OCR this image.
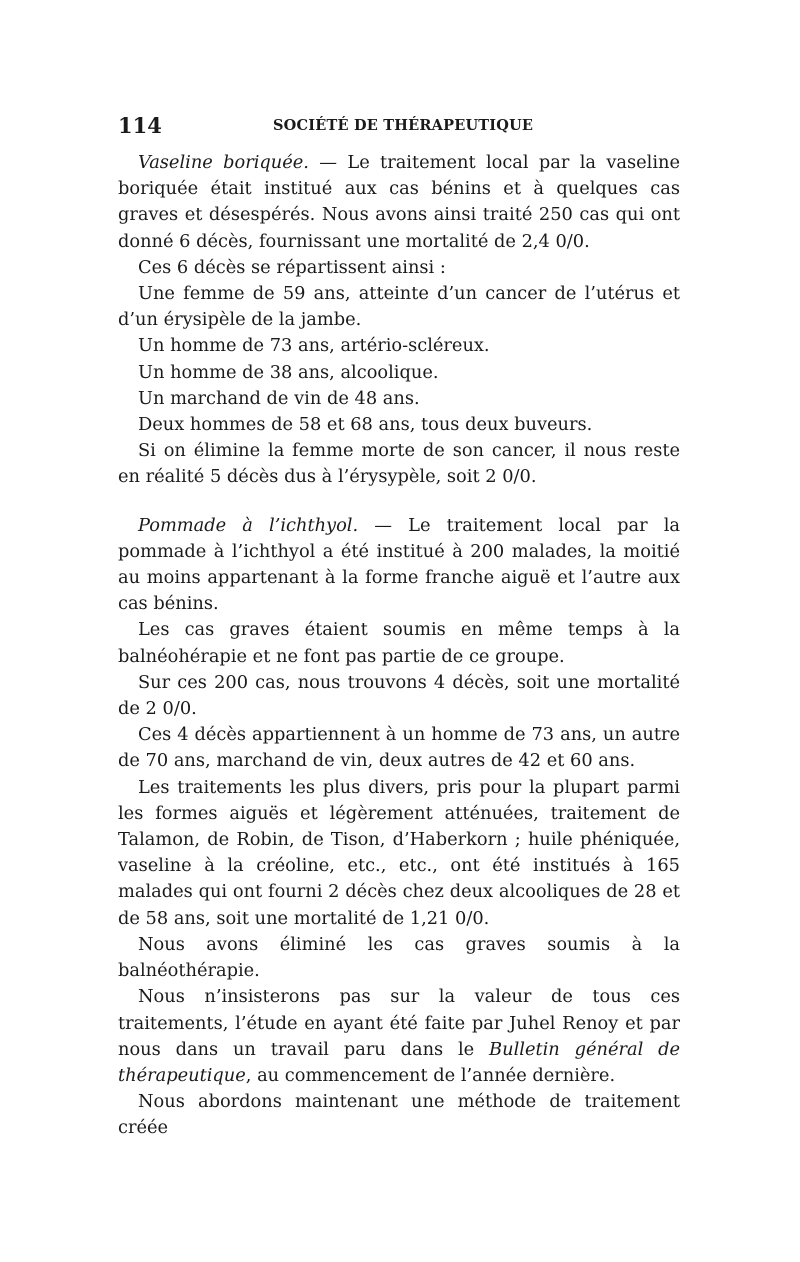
114	SOCIÉTÉ DE THÉRAPEUTIQUE

Vaseline boriquée. — Le traitement local par la vaseline boriquée était institué aux cas bénins et à quelques cas graves et désespérés. Nous avons ainsi traité 250 cas qui ont donné 6 décès, fournissant une mortalité de 2,4 0/0.

Ces 6 décès se répartissent ainsi :

Une femme de 59 ans, atteinte d’un cancer de l’utérus et d’un érysipèle de la jambe.

Un homme de 73 ans, artério-scléreux.

Un homme de 38 ans, alcoolique.

Un marchand de vin de 48 ans.

Deux hommes de 58 et 68 ans, tous deux buveurs.

Si on élimine la femme morte de son cancer, il nous reste en réalité 5 décès dus à l’érysypèle, soit 2 0/0.

Pommade à l’ichthyol. — Le traitement local par la pommade à l’ichthyol a été institué à 200 malades, la moitié au moins appartenant à la forme franche aiguë et l’autre aux cas bénins.

Les cas graves étaient soumis en même temps à la balnéohérapie et ne font pas partie de ce groupe.

Sur ces 200 cas, nous trouvons 4 décès, soit une mortalité de 2 0/0.

Ces 4 décès appartiennent à un homme de 73 ans, un autre de 70 ans, marchand de vin, deux autres de 42 et 60 ans.

Les traitements les plus divers, pris pour la plupart parmi les formes aiguës et légèrement atténuées, traitement de Talamon, de Robin, de Tison, d’Haberkorn ; huile phéniquée, vaseline à la créoline, etc., etc., ont été institués à 165 malades qui ont fourni 2 décès chez deux alcooliques de 28 et de 58 ans, soit une mortalité de 1,21 0/0.

Nous avons éliminé les cas graves soumis à la balnéothérapie.

Nous n’insisterons pas sur la valeur de tous ces traitements, l’étude en ayant été faite par Juhel Renoy et par nous dans un travail paru dans le Bulletin général de thérapeutique, au commencement de l’année dernière.

Nous abordons maintenant une méthode de traitement créée
